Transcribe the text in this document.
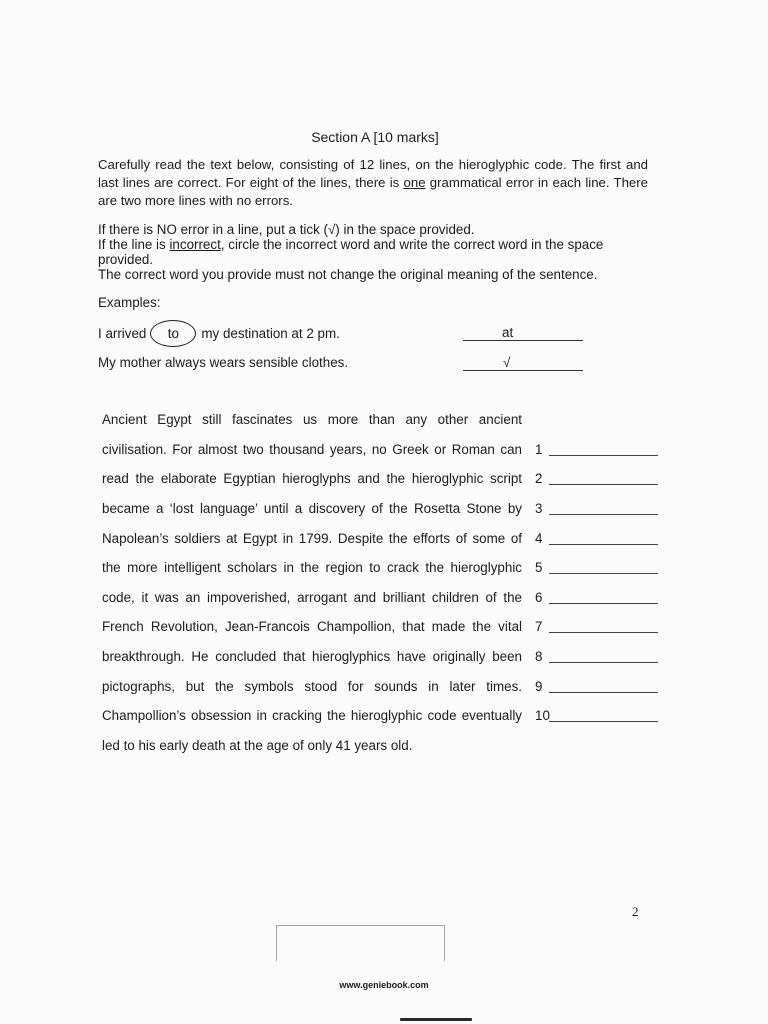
Section A [10 marks]
Carefully read the text below, consisting of 12 lines, on the hieroglyphic code. The first and
last lines are correct. For eight of the lines, there is one grammatical error in each line. There
are two more lines with no errors.
If there is NO error in a line, put a tick (√) in the space provided.
If the line is incorrect, circle the incorrect word and write the correct word in the space
provided.
The correct word you provide must not change the original meaning of the sentence.
Examples:
I arrived	to	my destination at 2 pm.	at
My mother always wears sensible clothes.	√
Ancient Egypt still fascinates us more than any other ancient
civilisation. For almost two thousand years, no Greek or Roman can 1
read the elaborate Egyptian hieroglyphs and the hieroglyphic script 2
became a ‘lost language’ until a discovery of the Rosetta Stone by 3
Napolean’s soldiers at Egypt in 1799. Despite the efforts of some of 4
the more intelligent scholars in the region to crack the hieroglyphic 5
code, it was an impoverished, arrogant and brilliant children of the 6
French Revolution, Jean-Francois Champollion, that made the vital 7
breakthrough. He concluded that hieroglyphics have originally been 8
pictographs, but the symbols stood for sounds in later times. 9
Champollion’s obsession in cracking the hieroglyphic code eventually 10
led to his early death at the age of only 41 years old.
2
www.geniebook.com
